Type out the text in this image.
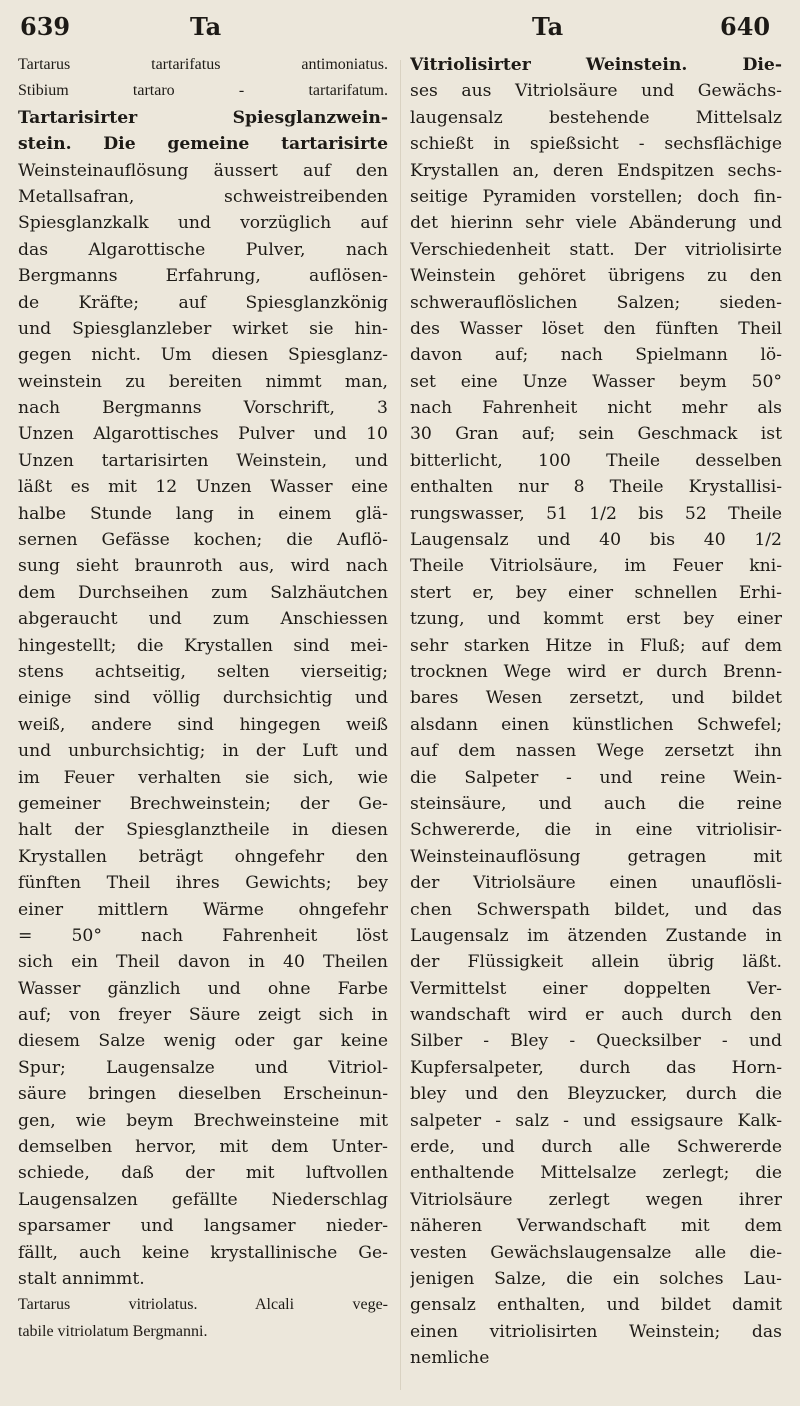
639	Ta	Ta	640
Tartarus tartarifatus antimoniatus.
Stibium tartaro - tartarifatum.
Tartarisirter Spiesglanzwein-
stein. Die gemeine tartarisirte
Weinsteinauflösung äussert auf den
Metallsafran, schweistreibenden
Spiesglanzkalk und vorzüglich auf
das Algarottische Pulver, nach
Bergmanns Erfahrung, auflösen-
de Kräfte; auf Spiesglanzkönig
und Spiesglanzleber wirket sie hin-
gegen nicht. Um diesen Spiesglanz-
weinstein zu bereiten nimmt man,
nach Bergmanns Vorschrift, 3
Unzen Algarottisches Pulver und 10
Unzen tartarisirten Weinstein, und
läßt es mit 12 Unzen Wasser eine
halbe Stunde lang in einem glä-
sernen Gefässe kochen; die Auflö-
sung sieht braunroth aus, wird nach
dem Durchseihen zum Salzhäutchen
abgeraucht und zum Anschiessen
hingestellt; die Krystallen sind mei-
stens achtseitig, selten vierseitig;
einige sind völlig durchsichtig und
weiß, andere sind hingegen weiß
und unburchsichtig; in der Luft und
im Feuer verhalten sie sich, wie
gemeiner Brechweinstein; der Ge-
halt der Spiesglanztheile in diesen
Krystallen beträgt ohngefehr den
fünften Theil ihres Gewichts; bey
einer mittlern Wärme ohngefehr
= 50° nach Fahrenheit löst
sich ein Theil davon in 40 Theilen
Wasser gänzlich und ohne Farbe
auf; von freyer Säure zeigt sich in
diesem Salze wenig oder gar keine
Spur; Laugensalze und Vitriol-
säure bringen dieselben Erscheinun-
gen, wie beym Brechweinsteine mit
demselben hervor, mit dem Unter-
schiede, daß der mit luftvollen
Laugensalzen gefällte Niederschlag
sparsamer und langsamer nieder-
fällt, auch keine krystallinische Ge-
stalt annimmt.
Tartarus vitriolatus. Alcali vege-
tabile vitriolatum Bergmanni.
Vitriolisirter Weinstein. Die-
ses aus Vitriolsäure und Gewächs-
laugensalz bestehende Mittelsalz
schießt in spießsicht - sechsflächige
Krystallen an, deren Endspitzen sechs-
seitige Pyramiden vorstellen; doch fin-
det hierinn sehr viele Abänderung und
Verschiedenheit statt. Der vitriolisirte
Weinstein gehöret übrigens zu den
schwerauflöslichen Salzen; sieden-
des Wasser löset den fünften Theil
davon auf; nach Spielmann lö-
set eine Unze Wasser beym 50°
nach Fahrenheit nicht mehr als
30 Gran auf; sein Geschmack ist
bitterlicht, 100 Theile desselben
enthalten nur 8 Theile Krystallisi-
rungswasser, 51 1/2 bis 52 Theile
Laugensalz und 40 bis 40 1/2
Theile Vitriolsäure, im Feuer kni-
stert er, bey einer schnellen Erhi-
tzung, und kommt erst bey einer
sehr starken Hitze in Fluß; auf dem
trocknen Wege wird er durch Brenn-
bares Wesen zersetzt, und bildet
alsdann einen künstlichen Schwefel;
auf dem nassen Wege zersetzt ihn
die Salpeter - und reine Wein-
steinsäure, und auch die reine
Schwererde, die in eine vitriolisir-
Weinsteinauflösung getragen mit
der Vitriolsäure einen unauflösli-
chen Schwerspath bildet, und das
Laugensalz im ätzenden Zustande in
der Flüssigkeit allein übrig läßt.
Vermittelst einer doppelten Ver-
wandschaft wird er auch durch den
Silber - Bley - Quecksilber - und
Kupfersalpeter, durch das Horn-
bley und den Bleyzucker, durch die
salpeter - salz - und essigsaure Kalk-
erde, und durch alle Schwererde
enthaltende Mittelsalze zerlegt; die
Vitriolsäure zerlegt wegen ihrer
näheren Verwandschaft mit dem
vesten Gewächslaugensalze alle die-
jenigen Salze, die ein solches Lau-
gensalz enthalten, und bildet damit
einen vitriolisirten Weinstein; das
nemliche
